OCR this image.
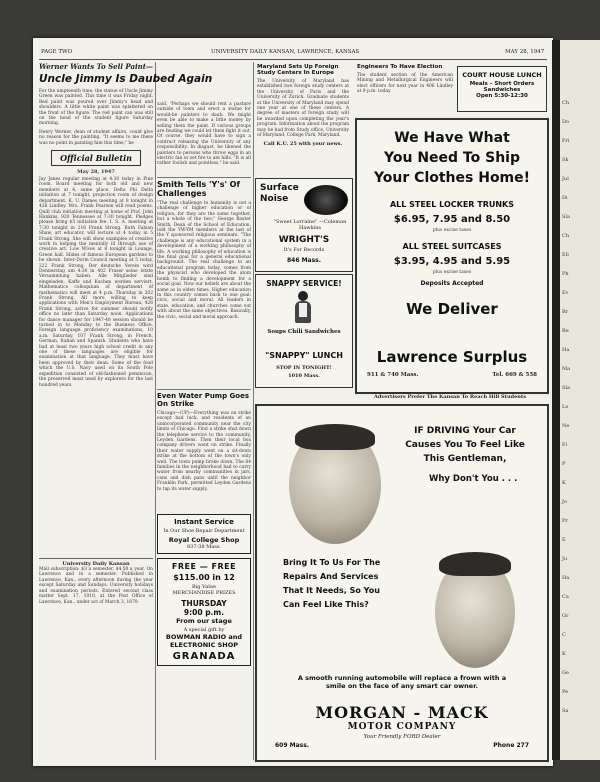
PAGE TWO	UNIVERSITY DAILY KANSAN, LAWRENCE, KANSAS	MAY 28, 1947
Werner Wants To Sell Paint—
Uncle Jimmy Is Daubed Again

For the umpteenth time, the statue of Uncle Jimmy Green was painted. This time it was Friday night. Red paint was poured over Jimmy's head and shoulders. A little white paint was splattered on the front of the figure. The red paint can was still on the head of the student figure Saturday morning.

Henry Werner, dean of student affairs, could give no reason for the painting. "It seems to me there was no point in painting him this time," he

Official Bulletin
May 28, 1947

Jay Janes regular meeting at 4:30 today in Pine room. Board meeting for both old and new members at 4, same place. Delta Phi Delta initiation at 7 tonight, projection room of design department. K. U. Dames meeting at 8 tonight in 426 Lindley. Mrs. Frank Pearson will read poems. Quill club initiation meeting at home of Prof. John Hankins, 920 Tennessee at 7:30 tonight. Pledges please bring $5 initiation fee. I. S. A. meeting at 7:30 tonight in 216 Frank Strong. Ruth Fabian Shaw, art educator, will lecture at 4 today in 5 Frank Strong. She will show examples of creative work in helping the mentally ill through use of creative art. Low Wives at 8 tonight in Lounge, Green hall. Slides of famous European gardens to be shown. Inter-Dorm Council meeting at 5 today, 222 Frank Strong. Der deutsche Verein wird Donnerstag um 4:30 in 402 Fraser seine letzte Versammlung haben. Alle Mitglieder sind eingeladen. Kaffe und Kuchen werden serviert. Mathematics colloquium of department of mathematics will meet at 4 p.m. Thursday in 202 Frank Strong. All more willing to keep applications with Men's Employment Bureau, 426 Frank Strong, active for summer should notify office no later than Saturday noon. Applications for dance manager for 1947-48 session should be turned in to Monday to the Business Office. Foreign language proficiency examinations, 10 a.m. Saturday, 107 Frank Strong, in French, German, Italian and Spanish. Students who have had at least two years high school credit in any one of these languages are eligible for examination at that language. They must have been approved by their dean. Some of the food which the U.S. Navy used on its South Pole expedition consisted of old-fashioned pemmican, the preserved meat used by explorers for the last hundred years.

University Daily Kansan

Mail subscription: $3 a semester, $4.50 a year. On Lawrence and in a semester. Published in Lawrence, Kan., every afternoon during the year except Saturday and Sundays. University holidays and examination periods. Entered second class matter Sept. 17, 1910, at the Post Office of Lawrence, Kan., under act of March 3, 1879.

said. "Perhaps we should rent a pasture outside of town and erect a statue for would-be painters to daub. We might even be able to make a little money by selling them the paint. If various groups are feuding we could let them fight it out. Of course, they would have to sign a contract releasing the University of any responsibility. In disgust, he likened the painters to persons who throw eggs in an electric fan or set fire to ant hills. "It is all rather foolish and pointless," he said.

Smith Tells 'Y's' Of Challenges

"The real challenge to humanity is not a challenge of higher education or of religion, for they are the same together, but a whole of the two," George Baxter Smith, Dean of the School of Education, told the YW-YM members at the last of the Y sponsored religious seminars. "The challenge is any educational system in a development of a working philosophy of life. A working philosophy of education is the final goal for a general educational background. The real challenge to an educational program today, comes from the physicist who developed the atom bomb to finding a development for a social goal. Now our beliefs are about the same as in olden times. Higher education in this country comes back to one goal: civic, social and moral. All leaders in state, education, and churches come out with about the same objectives. Basically, the civic, social and moral approach.

Even Water Pump Goes On Strike

Chicago—(UP)—Everything was on strike except bad luck, and residents of an unincorporated community near the city limits of Chicago. First a strike shut down the telephone service to the community, Leyden Gardens. Then their local bus company drivers went on strike. Finally their water supply went on a sit-down strike at the bottom of the town's only well. The town pump broke down. The 84 families in the neighborhood had to carry water from nearby communities in jars, cans and dish pans until the neighbor Franklin Park, permitted Leyden Gardens to tap its water supply.

Instant Service
In Our Shoe Repair Department
Royal College Shop
837-38 Mass.
FREE — FREE
$115.00 in 12
Big Value
MERCHANDISE PRIZES
THURSDAY
9:00 p.m.
From our stage
A special gift by
BOWMAN RADIO and ELECTRONIC SHOP
GRANADA
Maryland Sets Up Foreign Study Centers In Europe

The University of Maryland has established two foreign study centers at the University of Paris and the University of Zurich. Graduate students at the University of Maryland may spend one year at one of these centers. A degree of masters of foreign study will be awarded upon completing the year's program. Information about the program may be had from Study office, University of Maryland, College Park, Maryland.

Call K.U. 25 with your news.
Surface
Noise
"Sweet Lorraine" —Coleman Hawkins
WRIGHT'S
It's For Records
846 Mass.
SNAPPY SERVICE!
Soups Chili Sandwiches
"SNAPPY" LUNCH
STOP IN TONIGHT!
1010 Mass.
Engineers To Have Election

The student section of the American Mining and Metallurgical Engineers will elect officers for next year in 406 Lindley at 9 p.m. today.

COURT HOUSE LUNCH
Meals – Short Orders
Sandwiches
Open 5:30-12:30
We Have What
You Need To Ship
Your Clothes Home!
ALL STEEL LOCKER TRUNKS
$6.95, 7.95 and 8.50
plus excise taxes
ALL STEEL SUITCASES
$3.95, 4.95 and 5.95
plus excise taxes
Deposits Accepted
We Deliver
Lawrence Surplus
911 & 740 Mass.	Tel. 669 & 558
Advertisers Prefer The Kansan To Reach Hill Students
IF DRIVING Your Car
Causes You To Feel Like
This Gentleman,
Why Don't You . . .
Bring It To Us For The
Repairs And Services
That It Needs, So You
Can Feel Like This?
A smooth running automobile will replace a frown with a smile on the face of any smart car owner.
MORGAN - MACK
MOTOR COMPANY
Your Friendly FORD Dealer
609 Mass.	Phone 277
Ch
Do
Fri
Sk
Jul
Di
Sla
Ch
Eli
Ph
Ev
Br
Re
Ha
Ma
Sla
Lo
Ne
Fi
P
K
Jo
Pr
E
Ju
Ha
Ca
Gr
C
K
Ge
Pe
Sa
